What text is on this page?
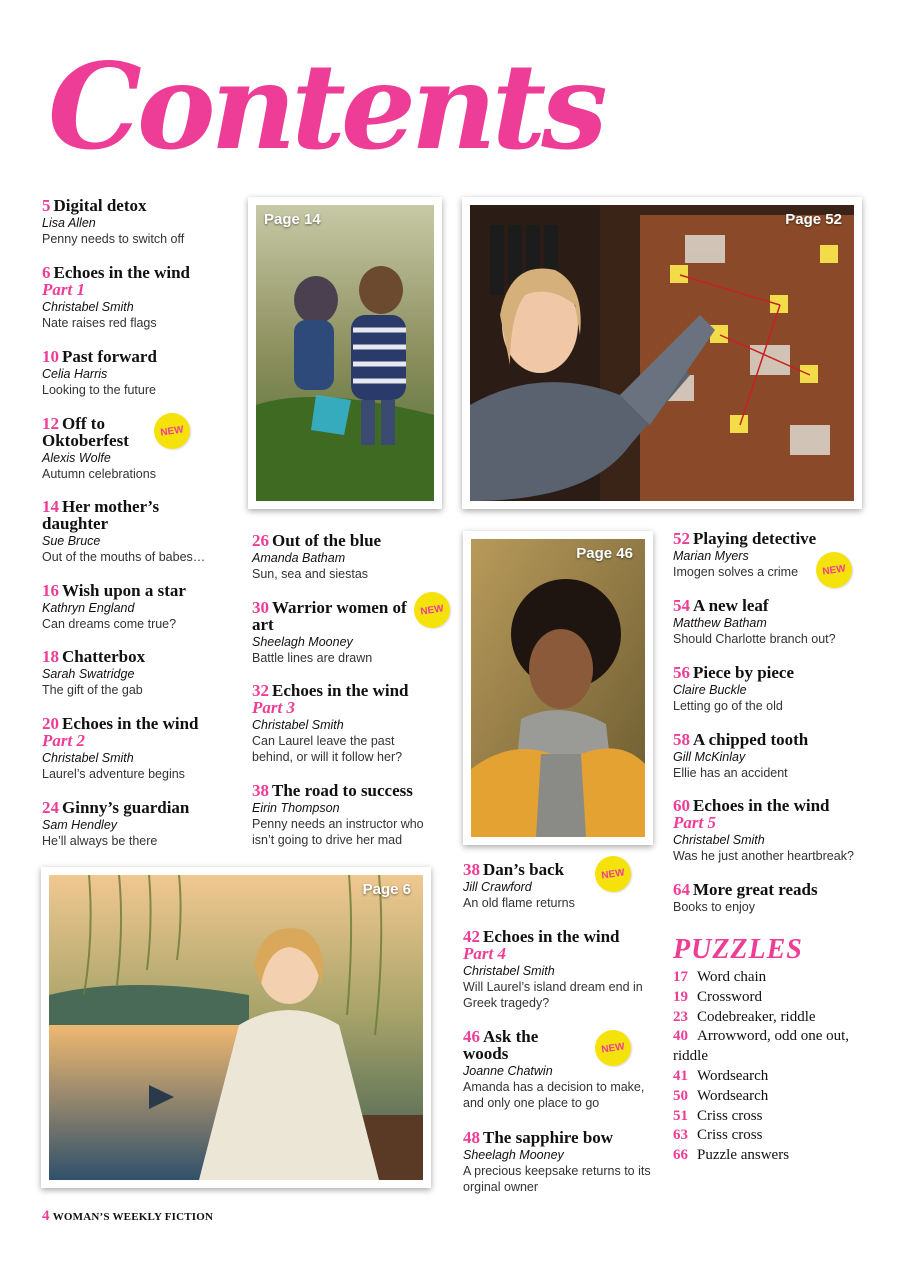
Contents
5 Digital detox
Lisa Allen
Penny needs to switch off
6 Echoes in the wind
Part 1
Christabel Smith
Nate raises red flags
10 Past forward
Celia Harris
Looking to the future
12 Off to Oktoberfest
Alexis Wolfe
Autumn celebrations
NEW
14 Her mother’s daughter
Sue Bruce
Out of the mouths of babes…
16 Wish upon a star
Kathryn England
Can dreams come true?
18 Chatterbox
Sarah Swatridge
The gift of the gab
20 Echoes in the wind
Part 2
Christabel Smith
Laurel’s adventure begins
24 Ginny’s guardian
Sam Hendley
He’ll always be there
26 Out of the blue
Amanda Batham
Sun, sea and siestas
30 Warrior women of art
Sheelagh Mooney
Battle lines are drawn
NEW
32 Echoes in the wind
Part 3
Christabel Smith
Can Laurel leave the past behind, or will it follow her?
38 The road to success
Eirin Thompson
Penny needs an instructor who isn’t going to drive her mad
38 Dan’s back
Jill Crawford
An old flame returns
NEW
42 Echoes in the wind
Part 4
Christabel Smith
Will Laurel’s island dream end in Greek tragedy?
46 Ask the woods
Joanne Chatwin
Amanda has a decision to make, and only one place to go
NEW
48 The sapphire bow
Sheelagh Mooney
A precious keepsake returns to its orginal owner
52 Playing detective
Marian Myers
Imogen solves a crime	NEW
54 A new leaf
Matthew Batham
Should Charlotte branch out?
56 Piece by piece
Claire Buckle
Letting go of the old
58 A chipped tooth
Gill McKinlay
Ellie has an accident
60 Echoes in the wind
Part 5
Christabel Smith
Was he just another heartbreak?
64 More great reads
Books to enjoy
PUZZLES
17 Word chain
19 Crossword
23 Codebreaker, riddle
40 Arrowword, odd one out, riddle
41 Wordsearch
50 Wordsearch
51 Criss cross
63 Criss cross
66 Puzzle answers
Page 14	Page 52
Page 46
Page 6
4 WOMAN’S WEEKLY FICTION
